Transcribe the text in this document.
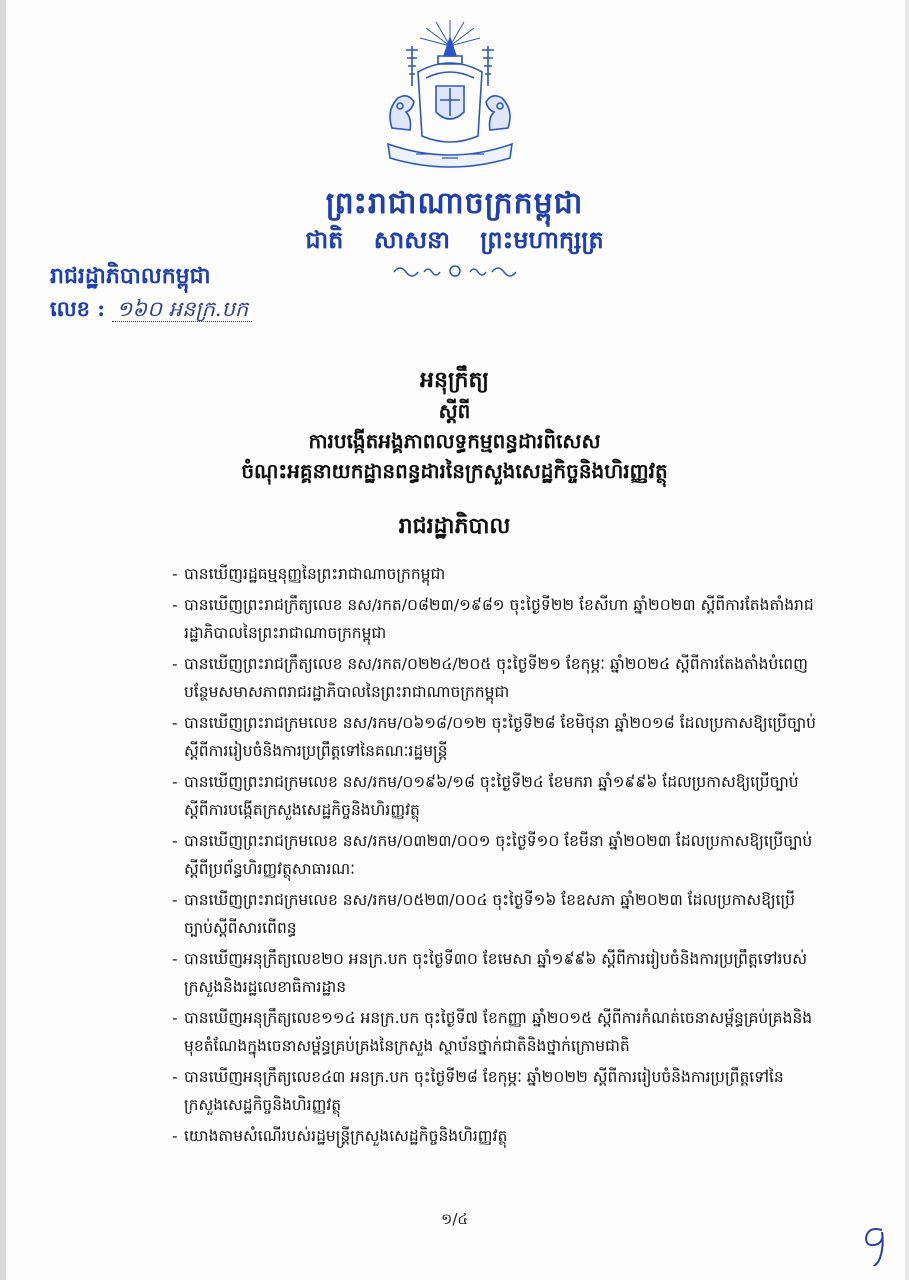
ព្រះរាជាណាចក្រកម្ពុជា
ជាតិ សាសនា ព្រះមហាក្សត្រ
រាជរដ្ឋាភិបាលកម្ពុជា
លេខ : ១៦០ អនក្រ.បក
អនុក្រឹត្យ
ស្តីពី
ការបង្កើតអង្គភាពលទ្ធកម្មពន្ធដារពិសេស
ចំណុះអគ្គនាយកដ្ឋានពន្ធដារនៃក្រសួងសេដ្ឋកិច្ចនិងហិរញ្ញវត្ថុ
រាជរដ្ឋាភិបាល
- បានឃើញរដ្ឋធម្មនុញ្ញនៃព្រះរាជាណាចក្រកម្ពុជា
- បានឃើញព្រះរាជក្រឹត្យលេខ នស/រកត/០៨២៣/១៩៨១ ចុះថ្ងៃទី២២ ខែសីហា ឆ្នាំ២០២៣ ស្តីពីការតែងតាំងរាជរដ្ឋាភិបាលនៃព្រះរាជាណាចក្រកម្ពុជា
- បានឃើញព្រះរាជក្រឹត្យលេខ នស/រកត/០២២៤/២០៥ ចុះថ្ងៃទី២១ ខែកុម្ភៈ ឆ្នាំ២០២៤ ស្តីពីការតែងតាំងបំពេញបន្ថែមសមាសភាពរាជរដ្ឋាភិបាលនៃព្រះរាជាណាចក្រកម្ពុជា
- បានឃើញព្រះរាជក្រមលេខ នស/រកម/០៦១៨/០១២ ចុះថ្ងៃទី២៨ ខែមិថុនា ឆ្នាំ២០១៨ ដែលប្រកាសឱ្យប្រើច្បាប់ស្តីពីការរៀបចំនិងការប្រព្រឹត្តទៅនៃគណៈរដ្ឋមន្ត្រី
- បានឃើញព្រះរាជក្រមលេខ នស/រកម/០១៩៦/១៨ ចុះថ្ងៃទី២៤ ខែមករា ឆ្នាំ១៩៩៦ ដែលប្រកាសឱ្យប្រើច្បាប់ស្តីពីការបង្កើតក្រសួងសេដ្ឋកិច្ចនិងហិរញ្ញវត្ថុ
- បានឃើញព្រះរាជក្រមលេខ នស/រកម/០៣២៣/០០១ ចុះថ្ងៃទី១០ ខែមីនា ឆ្នាំ២០២៣ ដែលប្រកាសឱ្យប្រើច្បាប់ស្តីពីប្រព័ន្ធហិរញ្ញវត្ថុសាធារណៈ
- បានឃើញព្រះរាជក្រមលេខ នស/រកម/០៥២៣/០០៤ ចុះថ្ងៃទី១៦ ខែឧសភា ឆ្នាំ២០២៣ ដែលប្រកាសឱ្យប្រើច្បាប់ស្តីពីសារពើពន្ធ
- បានឃើញអនុក្រឹត្យលេខ២០ អនក្រ.បក ចុះថ្ងៃទី៣០ ខែមេសា ឆ្នាំ១៩៩៦ ស្តីពីការរៀបចំនិងការប្រព្រឹត្តទៅរបស់ក្រសួងនិងរដ្ឋលេខាធិការដ្ឋាន
- បានឃើញអនុក្រឹត្យលេខ១១៤ អនក្រ.បក ចុះថ្ងៃទី៧ ខែកញ្ញា ឆ្នាំ២០១៥ ស្តីពីការកំណត់ចេនាសម្ព័ន្ធគ្រប់គ្រងនិងមុខតំណែងក្នុងចេនាសម្ព័ន្ធគ្រប់គ្រងនៃក្រសួង ស្ថាប័នថ្នាក់ជាតិនិងថ្នាក់ក្រោមជាតិ
- បានឃើញអនុក្រឹត្យលេខ៤៣ អនក្រ.បក ចុះថ្ងៃទី២៨ ខែកុម្ភៈ ឆ្នាំ២០២២ ស្តីពីការរៀបចំនិងការប្រព្រឹត្តទៅនៃក្រសួងសេដ្ឋកិច្ចនិងហិរញ្ញវត្ថុ
- យោងតាមសំណើរបស់រដ្ឋមន្ត្រីក្រសួងសេដ្ឋកិច្ចនិងហិរញ្ញវត្ថុ
១/៤
